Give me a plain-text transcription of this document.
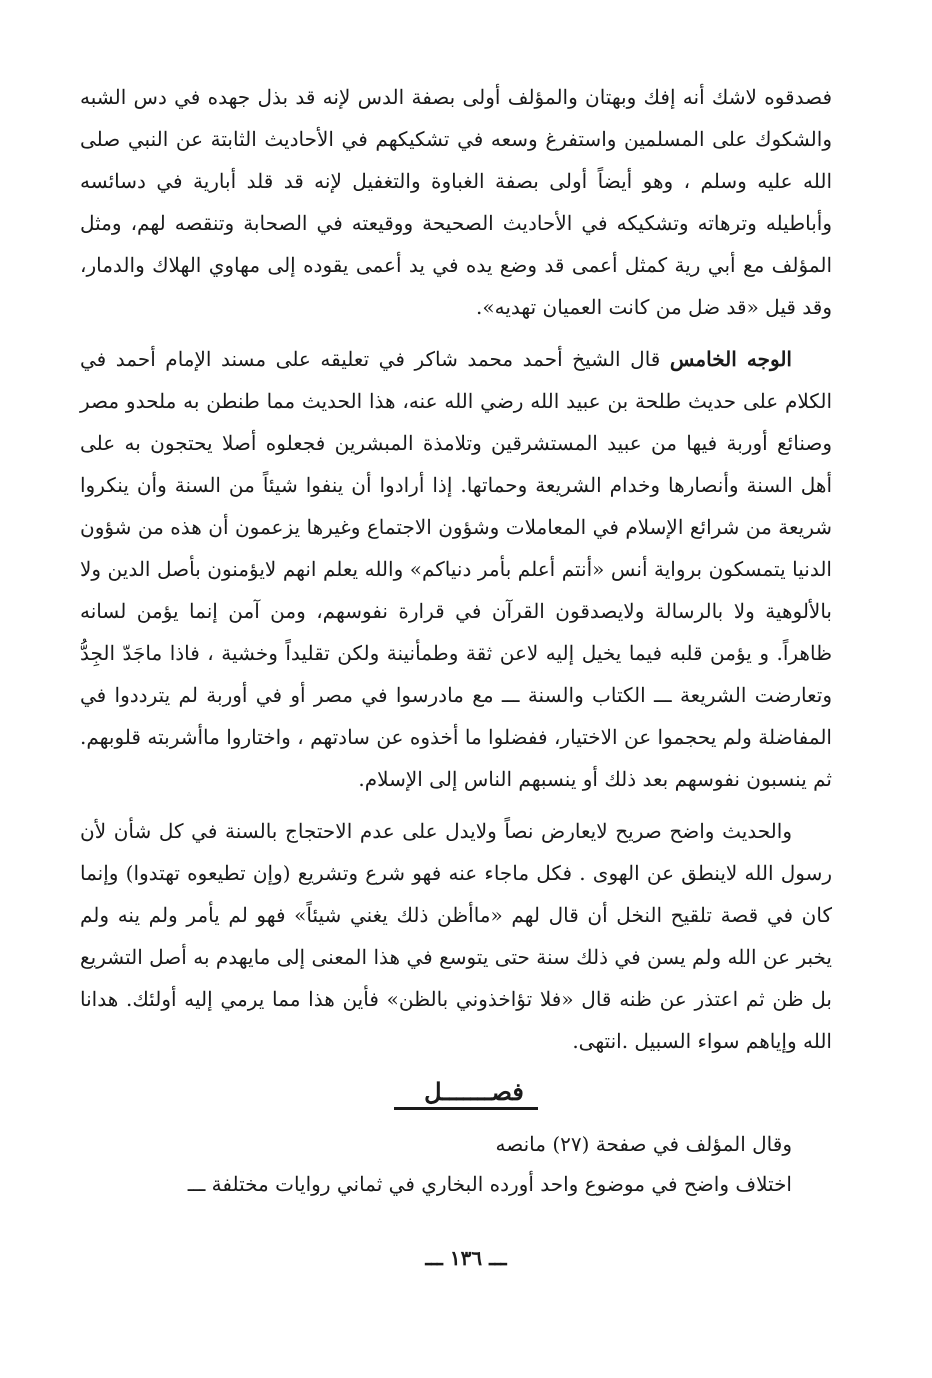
فصدقوه لاشك أنه إفك وبهتان والمؤلف أولى بصفة الدس لإنه قد بذل جهده في دس الشبه والشكوك على المسلمين واستفرغ وسعه في تشكيكهم في الأحاديث الثابتة عن النبي صلى الله عليه وسلم ، وهو أيضاً أولى بصفة الغباوة والتغفيل لإنه قد قلد أبارية في دسائسه وأباطيله وترهاته وتشكيكه في الأحاديث الصحيحة ووقيعته في الصحابة وتنقصه لهم، ومثل المؤلف مع أبي رية كمثل أعمى قد وضع يده في يد أعمى يقوده إلى مهاوي الهلاك والدمار، وقد قيل «قد ضل من كانت العميان تهديه».

الوجه الخامس قال الشيخ أحمد محمد شاكر في تعليقه على مسند الإمام أحمد في الكلام على حديث طلحة بن عبيد الله رضي الله عنه، هذا الحديث مما طنطن به ملحدو مصر وصنائع أوربة فيها من عبيد المستشرقين وتلامذة المبشرين فجعلوه أصلا يحتجون به على أهل السنة وأنصارها وخدام الشريعة وحماتها. إذا أرادوا أن ينفوا شيئاً من السنة وأن ينكروا شريعة من شرائع الإسلام في المعاملات وشؤون الاجتماع وغيرها يزعمون أن هذه من شؤون الدنيا يتمسكون برواية أنس «أنتم أعلم بأمر دنياكم» والله يعلم انهم لايؤمنون بأصل الدين ولا بالألوهية ولا بالرسالة ولايصدقون القرآن في قرارة نفوسهم، ومن آمن إنما يؤمن لسانه ظاهراً. و يؤمن قلبه فيما يخيل إليه لاعن ثقة وطمأنينة ولكن تقليداً وخشية ، فاذا ماجَدّ الجِدُّ وتعارضت الشريعة ـــ الكتاب والسنة ـــ مع مادرسوا في مصر أو في أوربة لم يترددوا في المفاضلة ولم يحجموا عن الاختيار، ففضلوا ما أخذوه عن سادتهم ، واختاروا ماأشربته قلوبهم. ثم ينسبون نفوسهم بعد ذلك أو ينسبهم الناس إلى الإسلام.

والحديث واضح صريح لايعارض نصاً ولايدل على عدم الاحتجاج بالسنة في كل شأن لأن رسول الله لاينطق عن الهوى . فكل ماجاء عنه فهو شرع وتشريع (وإن تطيعوه تهتدوا) وإنما كان في قصة تلقيح النخل أن قال لهم «ماأظن ذلك يغني شيئاً» فهو لم يأمر ولم ينه ولم يخبر عن الله ولم يسن في ذلك سنة حتى يتوسع في هذا المعنى إلى مايهدم به أصل التشريع بل ظن ثم اعتذر عن ظنه قال «فلا تؤاخذوني بالظن» فأين هذا مما يرمي إليه أولئك. هدانا الله وإياهم سواء السبيل .انتهى.

فصـــــــل

وقال المؤلف في صفحة (٢٧) مانصه

اختلاف واضح في موضوع واحد أورده البخاري في ثماني روايات مختلفة ـــ

ـــ ١٣٦ ـــ
